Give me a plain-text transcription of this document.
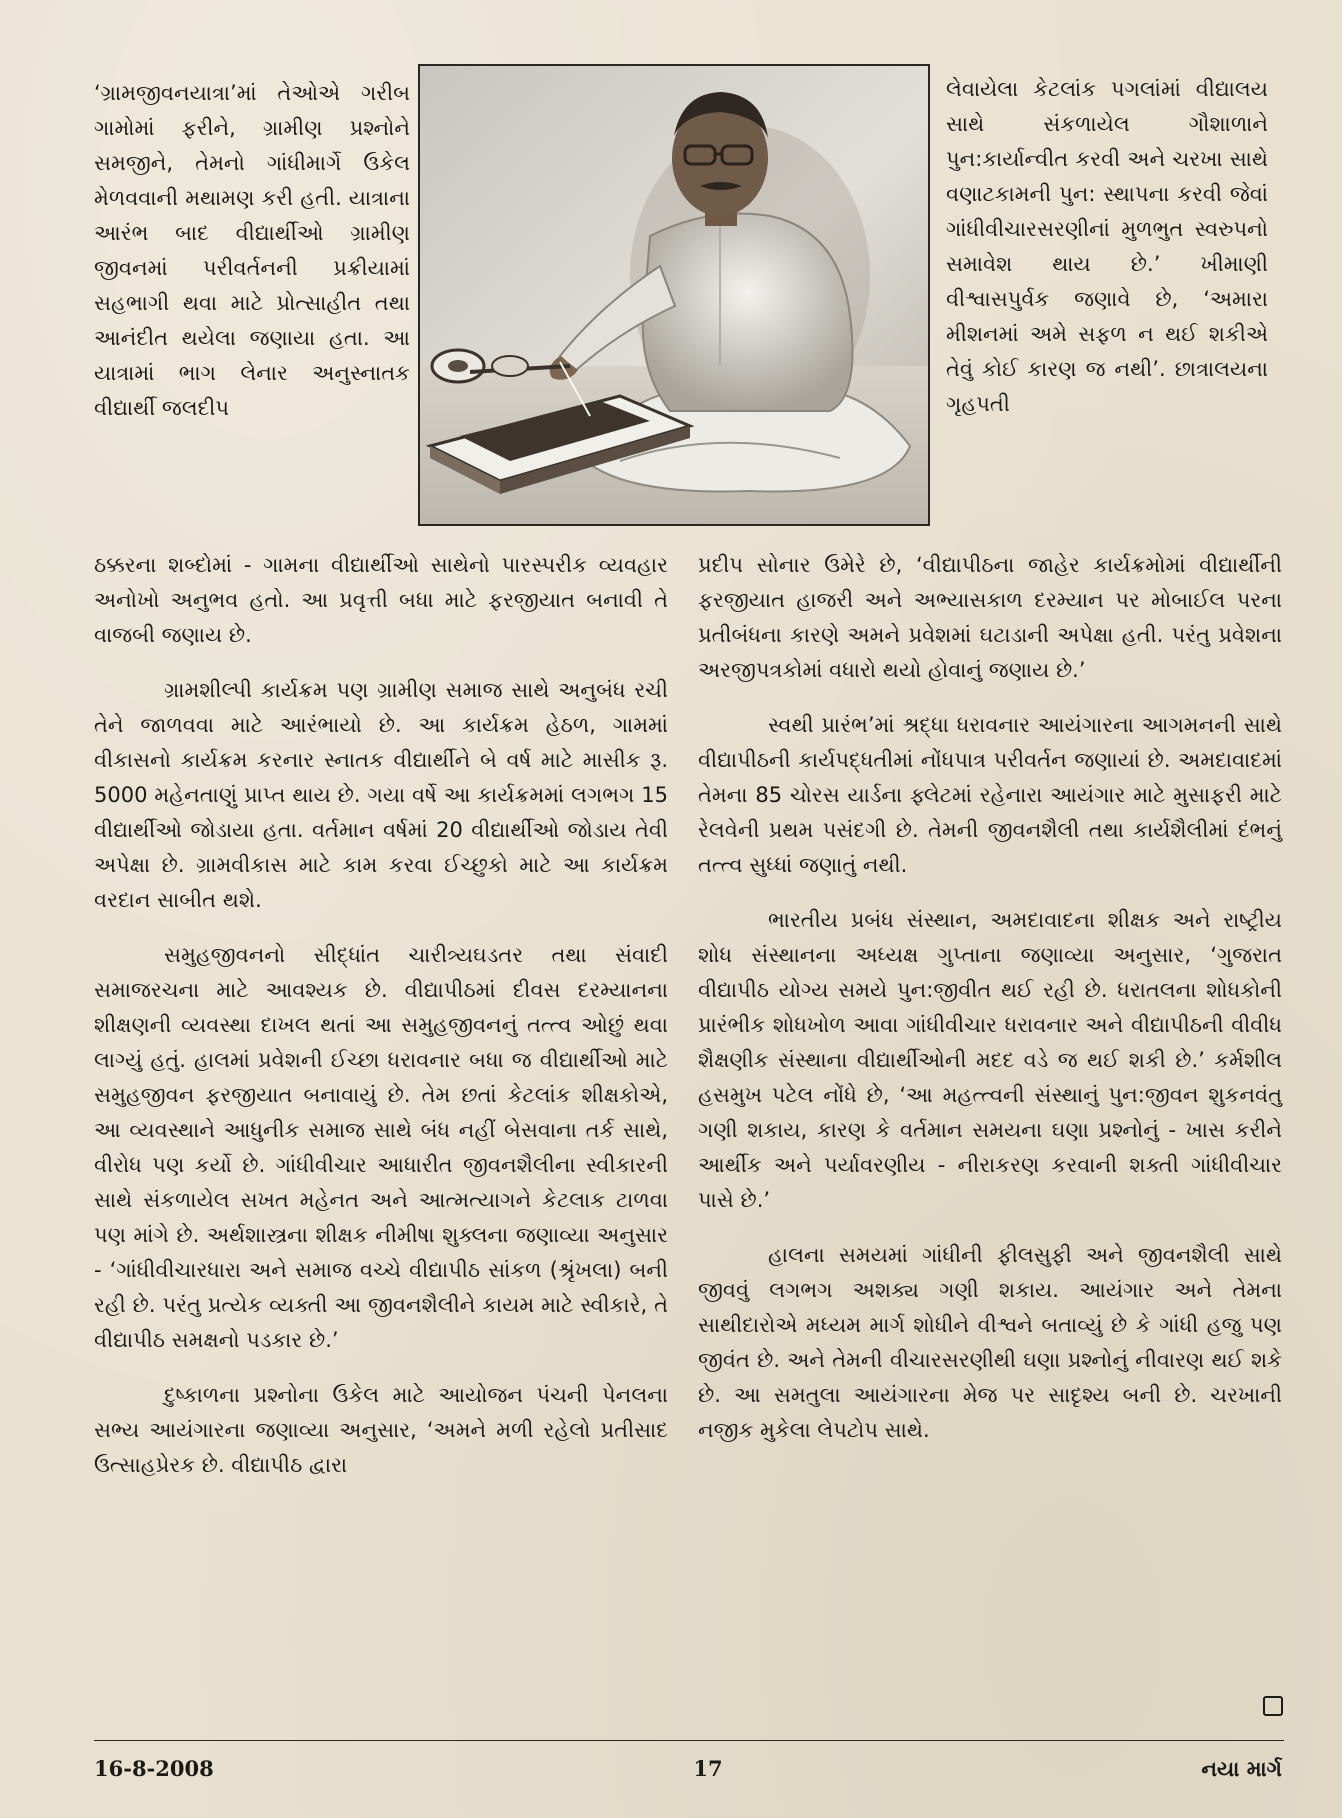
‘ગ્રામજીવનયાત્રા’માં તેઓએ ગરીબ ગામોમાં ફરીને, ગ્રામીણ પ્રશ્નોને સમજીને, તેમનો ગાંધીમાર્ગે ઉકેલ મેળવવાની મથામણ કરી હતી. યાત્રાના આરંભ બાદ વીદ્યાર્થીઓ ગ્રામીણ જીવનમાં પરીવર્તનની પ્રક્રીયામાં સહભાગી થવા માટે પ્રોત્સાહીત તથા આનંદીત થયેલા જણાયા હતા. આ યાત્રામાં ભાગ લેનાર અનુસ્નાતક વીદ્યાર્થી જલદીપ

લેવાયેલા કેટલાંક પગલાંમાં વીદ્યાલય સાથે સંકળાયેલ ગૌશાળાને પુન:કાર્યાન્વીત કરવી અને ચરખા સાથે વણાટકામની પુન: સ્થાપના કરવી જેવાં ગાંધીવીચારસરણીનાં મુળભુત સ્વરુપનો સમાવેશ થાય છે.’ ખીમાણી વીશ્વાસપુર્વક જણાવે છે, ‘અમારા મીશનમાં અમે સફળ ન થઈ શકીએ તેવું કોઈ કારણ જ નથી’. છાત્રાલયના ગૃહપતી

ઠક્કરના શબ્દોમાં - ગામના વીદ્યાર્થીઓ સાથેનો પારસ્પરીક વ્યવહાર અનોખો અનુભવ હતો. આ પ્રવૃત્તી બધા માટે ફરજીયાત બનાવી તે વાજબી જણાય છે.

ગ્રામશીલ્પી કાર્યક્રમ પણ ગ્રામીણ સમાજ સાથે અનુબંધ રચી તેને જાળવવા માટે આરંભાયો છે. આ કાર્યક્રમ હેઠળ, ગામમાં વીકાસનો કાર્યક્રમ કરનાર સ્નાતક વીદ્યાર્થીને બે વર્ષ માટે માસીક રૂ. 5000 મહેનતાણું પ્રાપ્ત થાય છે. ગયા વર્ષે આ કાર્યક્રમમાં લગભગ 15 વીદ્યાર્થીઓ જોડાયા હતા. વર્તમાન વર્ષમાં 20 વીદ્યાર્થીઓ જોડાય તેવી અપેક્ષા છે. ગ્રામવીકાસ માટે કામ કરવા ઈચ્છુકો માટે આ કાર્યક્રમ વરદાન સાબીત થશે.

સમુહજીવનનો સીદ્ધાંત ચારીત્ર્યઘડતર તથા સંવાદી સમાજરચના માટે આવશ્યક છે. વીદ્યાપીઠમાં દીવસ દરમ્યાનના શીક્ષણની વ્યવસ્થા દાખલ થતાં આ સમુહજીવનનું તત્ત્વ ઓછું થવા લાગ્યું હતું. હાલમાં પ્રવેશની ઈચ્છા ધરાવનાર બધા જ વીદ્યાર્થીઓ માટે સમુહજીવન ફરજીયાત બનાવાયું છે. તેમ છતાં કેટલાંક શીક્ષકોએ, આ વ્યવસ્થાને આધુનીક સમાજ સાથે બંધ નહીં બેસવાના તર્ક સાથે, વીરોધ પણ કર્યો છે. ગાંધીવીચાર આધારીત જીવનશૈલીના સ્વીકારની સાથે સંકળાયેલ સખત મહેનત અને આત્મત્યાગને કેટલાક ટાળવા પણ માંગે છે. અર્થશાસ્ત્રના શીક્ષક નીમીષા શુક્લના જણાવ્યા અનુસાર - ‘ગાંધીવીચારધારા અને સમાજ વચ્ચે વીદ્યાપીઠ સાંકળ (શ્રૃંખલા) બની રહી છે. પરંતુ પ્રત્યેક વ્યક્તી આ જીવનશૈલીને કાયમ માટે સ્વીકારે, તે વીદ્યાપીઠ સમક્ષનો પડકાર છે.’

દુષ્કાળના પ્રશ્નોના ઉકેલ માટે આયોજન પંચની પેનલના સભ્ય આયંગારના જણાવ્યા અનુસાર, ‘અમને મળી રહેલો પ્રતીસાદ ઉત્સાહપ્રેરક છે. વીદ્યાપીઠ દ્વારા

પ્રદીપ સોનાર ઉમેરે છે, ‘વીદ્યાપીઠના જાહેર કાર્યક્રમોમાં વીદ્યાર્થીની ફરજીયાત હાજરી અને અભ્યાસકાળ દરમ્યાન પર મોબાઈલ પરના પ્રતીબંધના કારણે અમને પ્રવેશમાં ઘટાડાની અપેક્ષા હતી. પરંતુ પ્રવેશના અરજીપત્રકોમાં વધારો થયો હોવાનું જણાય છે.’

સ્વથી પ્રારંભ’માં શ્રદ્ધા ધરાવનાર આયંગારના આગમનની સાથે વીદ્યાપીઠની કાર્યપદ્ધતીમાં નોંધપાત્ર પરીવર્તન જણાયાં છે. અમદાવાદમાં તેમના 85 ચોરસ યાર્ડના ફ્લેટમાં રહેનારા આયંગાર માટે મુસાફરી માટે રેલવેની પ્રથમ પસંદગી છે. તેમની જીવનશૈલી તથા કાર્યશૈલીમાં દંભનું તત્ત્વ સુધ્ધાં જણાતું નથી.

ભારતીય પ્રબંધ સંસ્થાન, અમદાવાદના શીક્ષક અને રાષ્ટ્રીય શોધ સંસ્થાનના અધ્યક્ષ ગુપ્તાના જણાવ્યા અનુસાર, ‘ગુજરાત વીદ્યાપીઠ યોગ્ય સમયે પુન:જીવીત થઈ રહી છે. ધરાતલના શોધકોની પ્રારંભીક શોધખોળ આવા ગાંધીવીચાર ધરાવનાર અને વીદ્યાપીઠની વીવીધ શૈક્ષણીક સંસ્થાના વીદ્યાર્થીઓની મદદ વડે જ થઈ શકી છે.’ કર્મશીલ હસમુખ પટેલ નોંધે છે, ‘આ મહત્ત્વની સંસ્થાનું પુન:જીવન શુકનવંતુ ગણી શકાય, કારણ કે વર્તમાન સમયના ઘણા પ્રશ્નોનું - ખાસ કરીને આર્થીક અને પર્યાવરણીય - નીરાકરણ કરવાની શક્તી ગાંધીવીચાર પાસે છે.’

હાલના સમયમાં ગાંધીની ફીલસુફી અને જીવનશૈલી સાથે જીવવું લગભગ અશક્ય ગણી શકાય. આયંગાર અને તેમના સાથીદારોએ મધ્યમ માર્ગ શોધીને વીશ્વને બતાવ્યું છે કે ગાંધી હજુ પણ જીવંત છે. અને તેમની વીચારસરણીથી ઘણા પ્રશ્નોનું નીવારણ થઈ શકે છે. આ સમતુલા આયંગારના મેજ પર સાદૃશ્ય બની છે. ચરખાની નજીક મુકેલા લેપટોપ સાથે.

16-8-2008	17	નયા માર્ગ
